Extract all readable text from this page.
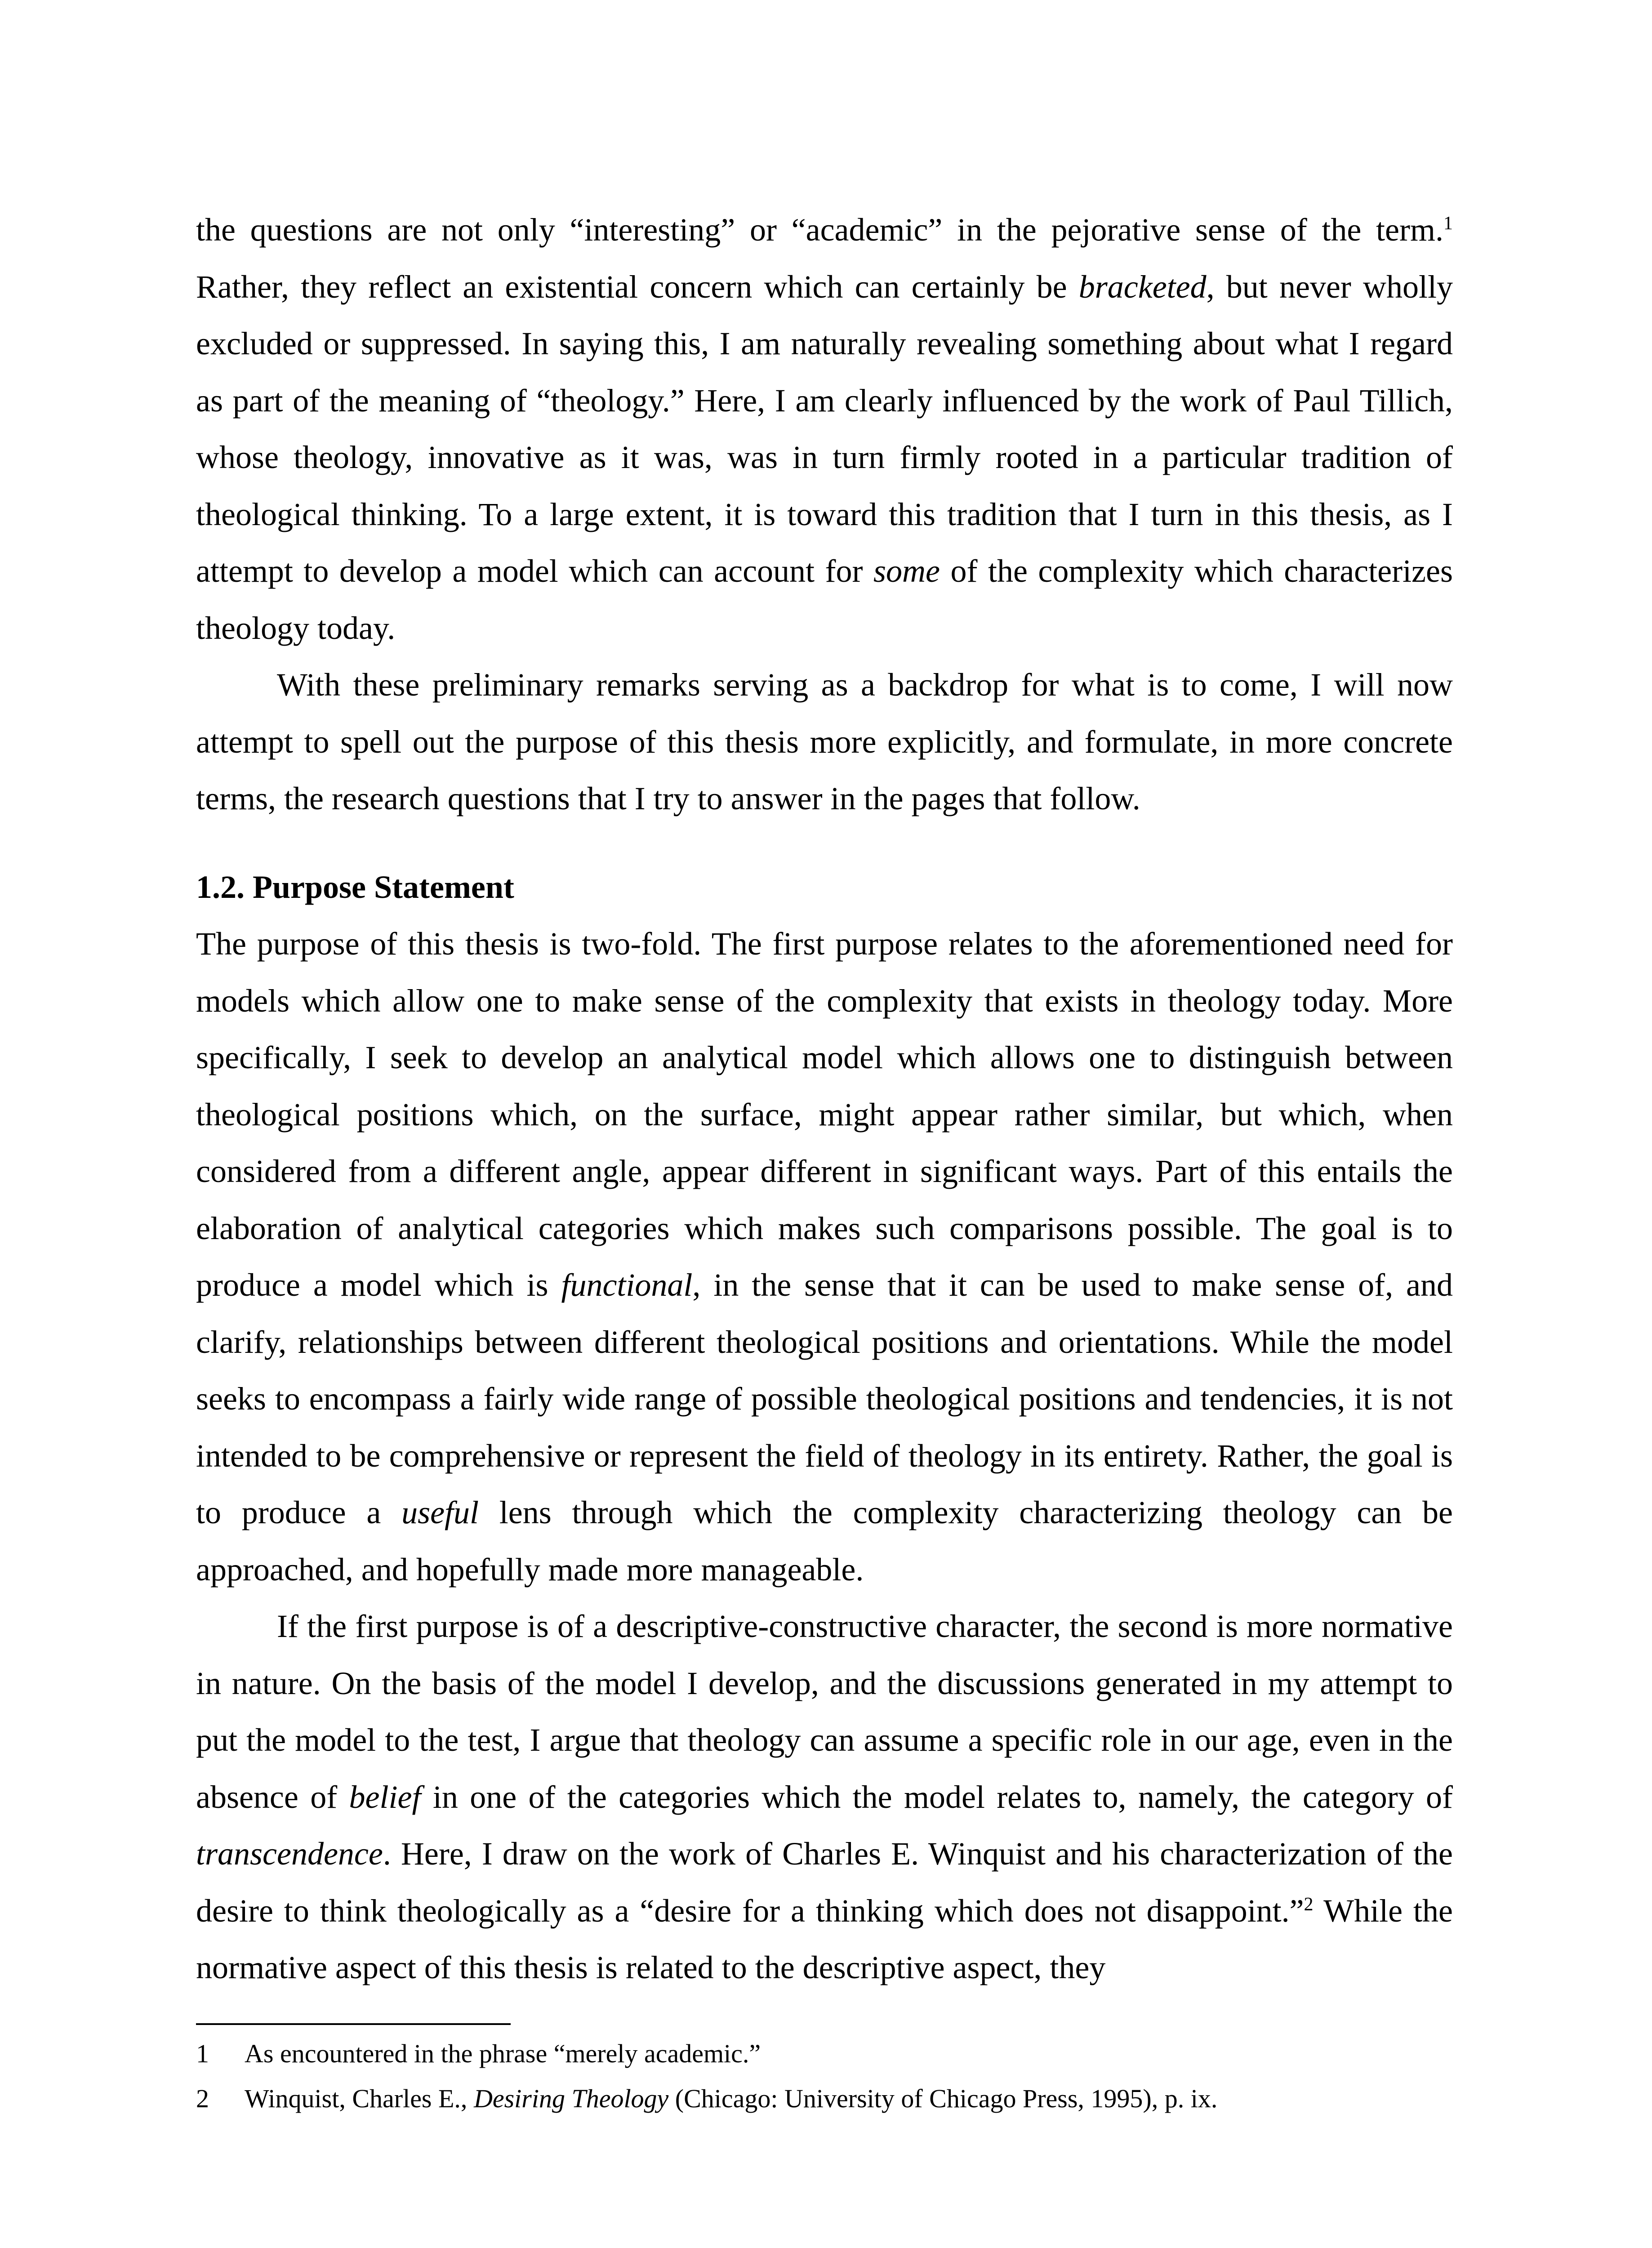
the questions are not only “interesting” or “academic” in the pejorative sense of the term.$^1$ Rather, they reflect an existential concern which can certainly be bracketed, but never wholly excluded or suppressed. In saying this, I am naturally revealing something about what I regard as part of the meaning of “theology.” Here, I am clearly influenced by the work of Paul Tillich, whose theology, innovative as it was, was in turn firmly rooted in a particular tradition of theological thinking. To a large extent, it is toward this tradition that I turn in this thesis, as I attempt to develop a model which can account for some of the complexity which characterizes theology today.

With these preliminary remarks serving as a backdrop for what is to come, I will now attempt to spell out the purpose of this thesis more explicitly, and formulate, in more concrete terms, the research questions that I try to answer in the pages that follow.

1.2. Purpose Statement

The purpose of this thesis is two-fold. The first purpose relates to the aforementioned need for models which allow one to make sense of the complexity that exists in theology today. More specifically, I seek to develop an analytical model which allows one to distinguish between theological positions which, on the surface, might appear rather similar, but which, when considered from a different angle, appear different in significant ways. Part of this entails the elaboration of analytical categories which makes such comparisons possible. The goal is to produce a model which is functional, in the sense that it can be used to make sense of, and clarify, relationships between different theological positions and orientations. While the model seeks to encompass a fairly wide range of possible theological positions and tendencies, it is not intended to be comprehensive or represent the field of theology in its entirety. Rather, the goal is to produce a useful lens through which the complexity characterizing theology can be approached, and hopefully made more manageable.

If the first purpose is of a descriptive-constructive character, the second is more normative in nature. On the basis of the model I develop, and the discussions generated in my attempt to put the model to the test, I argue that theology can assume a specific role in our age, even in the absence of belief in one of the categories which the model relates to, namely, the category of transcendence. Here, I draw on the work of Charles E. Winquist and his characterization of the desire to think theologically as a “desire for a thinking which does not disappoint.”$^2$ While the normative aspect of this thesis is related to the descriptive aspect, they

1	As encountered in the phrase “merely academic.”
2	Winquist, Charles E., Desiring Theology (Chicago: University of Chicago Press, 1995), p. ix.
